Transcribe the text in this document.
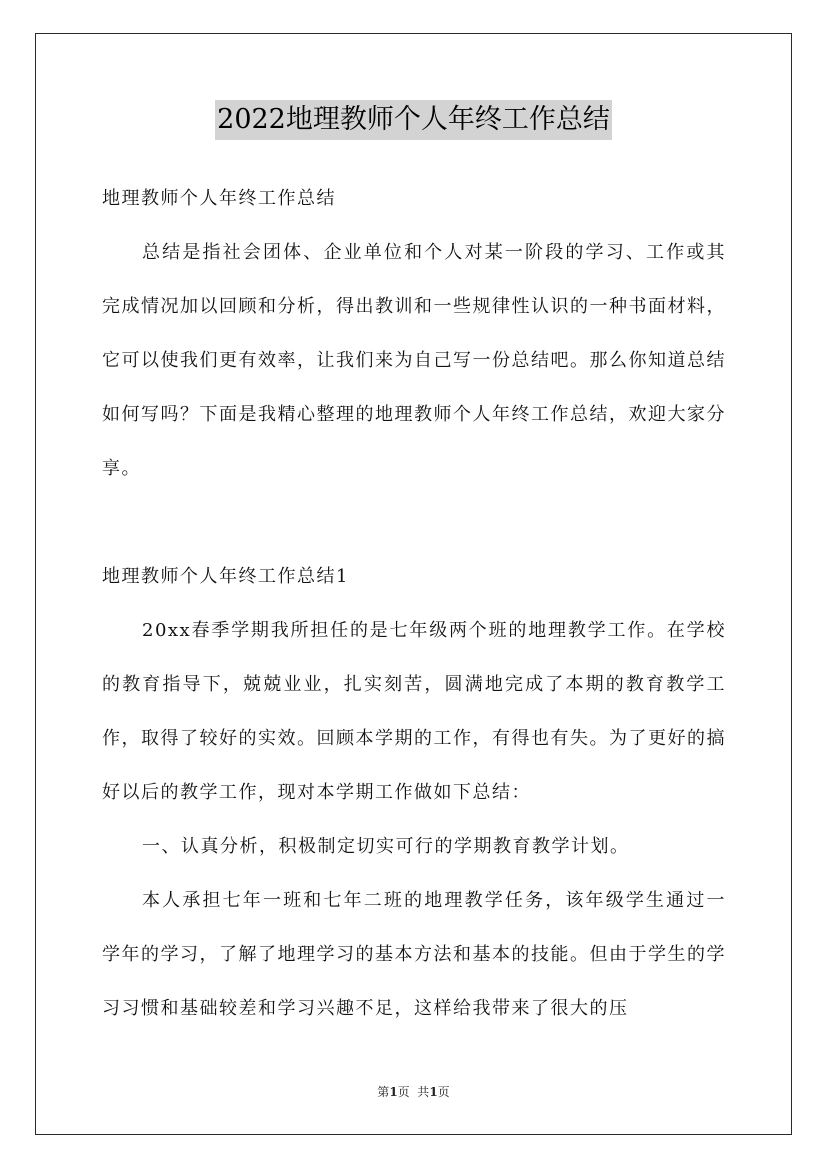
2022地理教师个人年终工作总结

地理教师个人年终工作总结

总结是指社会团体、企业单位和个人对某一阶段的学习、工作或其完成情况加以回顾和分析，得出教训和一些规律性认识的一种书面材料，它可以使我们更有效率，让我们来为自己写一份总结吧。那么你知道总结如何写吗？下面是我精心整理的地理教师个人年终工作总结，欢迎大家分享。

地理教师个人年终工作总结1

20xx春季学期我所担任的是七年级两个班的地理教学工作。在学校的教育指导下，兢兢业业，扎实刻苦，圆满地完成了本期的教育教学工作，取得了较好的实效。回顾本学期的工作，有得也有失。为了更好的搞好以后的教学工作，现对本学期工作做如下总结：

一、认真分析，积极制定切实可行的学期教育教学计划。

本人承担七年一班和七年二班的地理教学任务，该年级学生通过一学年的学习，了解了地理学习的基本方法和基本的技能。但由于学生的学习习惯和基础较差和学习兴趣不足，这样给我带来了很大的压

第1页  共1页
